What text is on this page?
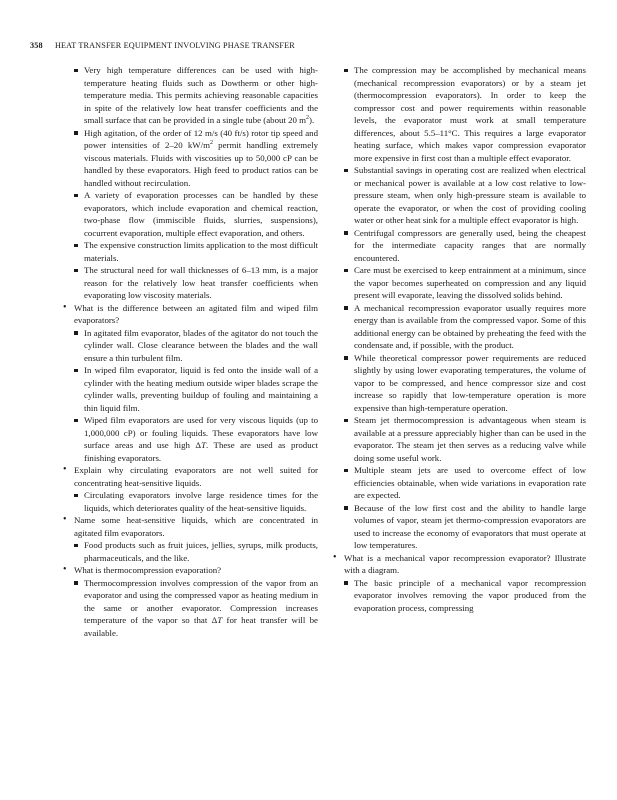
358 HEAT TRANSFER EQUIPMENT INVOLVING PHASE TRANSFER
Very high temperature differences can be used with high-temperature heating fluids such as Dowtherm or other high-temperature media. This permits achieving reasonable capacities in spite of the relatively low heat transfer coefficients and the small surface that can be provided in a single tube (about 20 $m^2$).
High agitation, of the order of 12 m/s (40 ft/s) rotor tip speed and power intensities of 2–20 $kW/m^2$ permit handling extremely viscous materials. Fluids with viscosities up to 50,000 cP can be handled by these evaporators. High feed to product ratios can be handled without recirculation.
A variety of evaporation processes can be handled by these evaporators, which include evaporation and chemical reaction, two-phase flow (immiscible fluids, slurries, suspensions), cocurrent evaporation, multiple effect evaporation, and others.
The expensive construction limits application to the most difficult materials.
The structural need for wall thicknesses of 6–13 mm, is a major reason for the relatively low heat transfer coefficients when evaporating low viscosity materials.
• What is the difference between an agitated film and wiped film evaporators?
In agitated film evaporator, blades of the agitator do not touch the cylinder wall. Close clearance between the blades and the wall ensure a thin turbulent film.
In wiped film evaporator, liquid is fed onto the inside wall of a cylinder with the heating medium outside wiper blades scrape the cylinder walls, preventing buildup of fouling and maintaining a thin liquid film.
Wiped film evaporators are used for very viscous liquids (up to 1,000,000 cP) or fouling liquids. These evaporators have low surface areas and use high ΔT. These are used as product finishing evaporators.
• Explain why circulating evaporators are not well suited for concentrating heat-sensitive liquids.
Circulating evaporators involve large residence times for the liquids, which deteriorates quality of the heat-sensitive liquids.
• Name some heat-sensitive liquids, which are concentrated in agitated film evaporators.
Food products such as fruit juices, jellies, syrups, milk products, pharmaceuticals, and the like.
• What is thermocompression evaporation?
Thermocompression involves compression of the vapor from an evaporator and using the compressed vapor as heating medium in the same or another evaporator. Compression increases temperature of the vapor so that ΔT for heat transfer will be available.
The compression may be accomplished by mechanical means (mechanical recompression evaporators) or by a steam jet (thermocompression evaporators). In order to keep the compressor cost and power requirements within reasonable levels, the evaporator must work at small temperature differences, about 5.5–11°C. This requires a large evaporator heating surface, which makes vapor compression evaporator more expensive in first cost than a multiple effect evaporator.
Substantial savings in operating cost are realized when electrical or mechanical power is available at a low cost relative to low-pressure steam, when only high-pressure steam is available to operate the evaporator, or when the cost of providing cooling water or other heat sink for a multiple effect evaporator is high.
Centrifugal compressors are generally used, being the cheapest for the intermediate capacity ranges that are normally encountered.
Care must be exercised to keep entrainment at a minimum, since the vapor becomes superheated on compression and any liquid present will evaporate, leaving the dissolved solids behind.
A mechanical recompression evaporator usually requires more energy than is available from the compressed vapor. Some of this additional energy can be obtained by preheating the feed with the condensate and, if possible, with the product.
While theoretical compressor power requirements are reduced slightly by using lower evaporating temperatures, the volume of vapor to be compressed, and hence compressor size and cost increase so rapidly that low-temperature operation is more expensive than high-temperature operation.
Steam jet thermocompression is advantageous when steam is available at a pressure appreciably higher than can be used in the evaporator. The steam jet then serves as a reducing valve while doing some useful work.
Multiple steam jets are used to overcome effect of low efficiencies obtainable, when wide variations in evaporation rate are expected.
Because of the low first cost and the ability to handle large volumes of vapor, steam jet thermo-compression evaporators are used to increase the economy of evaporators that must operate at low temperatures.
• What is a mechanical vapor recompression evaporator? Illustrate with a diagram.
The basic principle of a mechanical vapor recompression evaporator involves removing the vapor produced from the evaporation process, compressing
